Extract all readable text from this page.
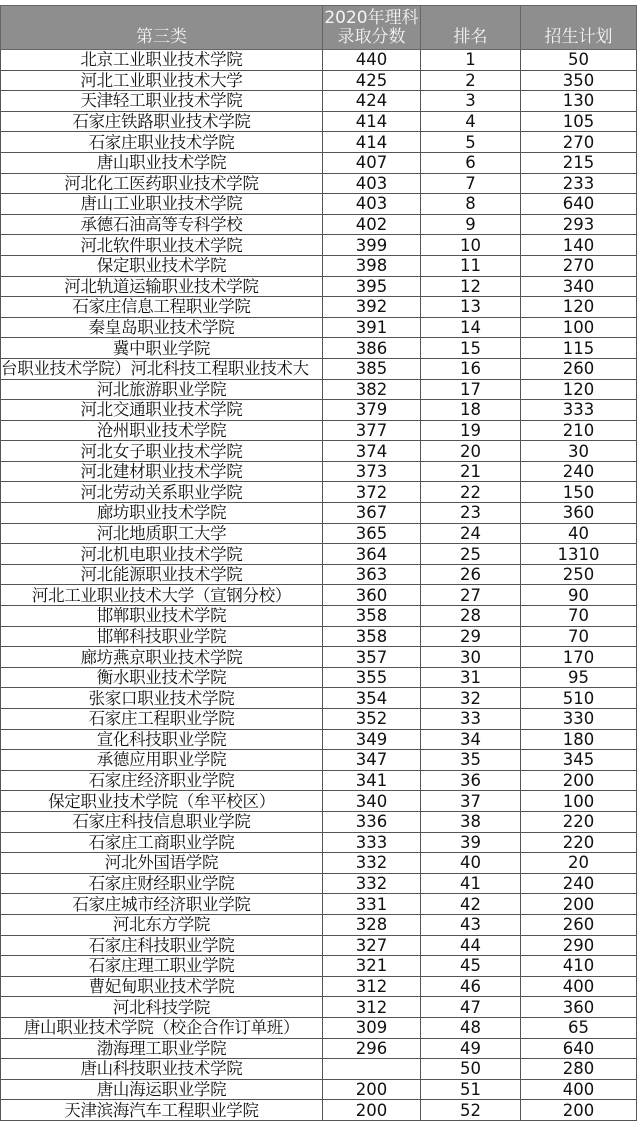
第三类	2020年理科录取分数	排名	招生计划
北京工业职业技术学院	440	1	50
河北工业职业技术大学	425	2	350
天津轻工职业技术学院	424	3	130
石家庄铁路职业技术学院	414	4	105
石家庄职业技术学院	414	5	270
唐山职业技术学院	407	6	215
河北化工医药职业技术学院	403	7	233
唐山工业职业技术学院	403	8	640
承德石油高等专科学校	402	9	293
河北软件职业技术学院	399	10	140
保定职业技术学院	398	11	270
河北轨道运输职业技术学院	395	12	340
石家庄信息工程职业学院	392	13	120
秦皇岛职业技术学院	391	14	100
冀中职业学院	386	15	115
台职业技术学院）河北科技工程职业技术大	385	16	260
河北旅游职业学院	382	17	120
河北交通职业技术学院	379	18	333
沧州职业技术学院	377	19	210
河北女子职业技术学院	374	20	30
河北建材职业技术学院	373	21	240
河北劳动关系职业学院	372	22	150
廊坊职业技术学院	367	23	360
河北地质职工大学	365	24	40
河北机电职业技术学院	364	25	1310
河北能源职业技术学院	363	26	250
河北工业职业技术大学（宣钢分校）	360	27	90
邯郸职业技术学院	358	28	70
邯郸科技职业学院	358	29	70
廊坊燕京职业技术学院	357	30	170
衡水职业技术学院	355	31	95
张家口职业技术学院	354	32	510
石家庄工程职业学院	352	33	330
宣化科技职业学院	349	34	180
承德应用职业学院	347	35	345
石家庄经济职业学院	341	36	200
保定职业技术学院（牟平校区）	340	37	100
石家庄科技信息职业学院	336	38	220
石家庄工商职业学院	333	39	220
河北外国语学院	332	40	20
石家庄财经职业学院	332	41	240
石家庄城市经济职业学院	331	42	200
河北东方学院	328	43	260
石家庄科技职业学院	327	44	290
石家庄理工职业学院	321	45	410
曹妃甸职业技术学院	312	46	400
河北科技学院	312	47	360
唐山职业技术学院（校企合作订单班）	309	48	65
渤海理工职业学院	296	49	640
唐山科技职业技术学院		50	280
唐山海运职业学院	200	51	400
天津滨海汽车工程职业学院	200	52	200
